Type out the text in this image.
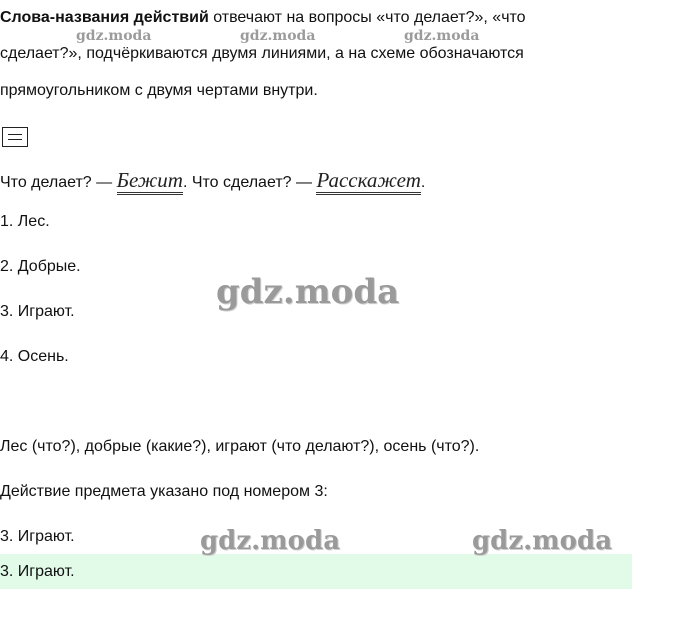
Слова-названия действий отвечают на вопросы «что делает?», «что
сделает?», подчёркиваются двумя линиями, а на схеме обозначаются
прямоугольником с двумя чертами внутри.
Что делает? — Бежит. Что сделает? — Расскажет.
1. Лес.
2. Добрые.
3. Играют.
4. Осень.
Лес (что?), добрые (какие?), играют (что делают?), осень (что?).
Действие предмета указано под номером 3:
3. Играют.
3. Играют.
gdz.moda	gdz.moda	gdz.moda
gdz.moda
gdz.moda	gdz.moda
